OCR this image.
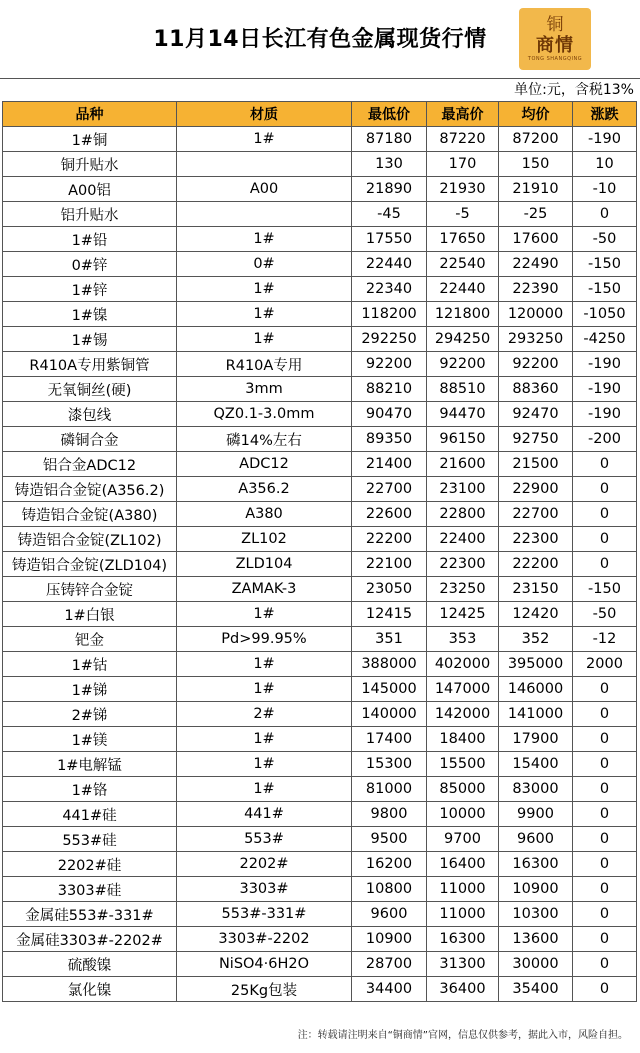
11月14日长江有色金属现货行情
铜
商情
TONG SHANGQING
单位:元，含税13%
品种	材质	最低价	最高价	均价	涨跌
1#铜	1#	87180	87220	87200	-190
铜升贴水		130	170	150	10
A00铝	A00	21890	21930	21910	-10
铝升贴水		-45	-5	-25	0
1#铅	1#	17550	17650	17600	-50
0#锌	0#	22440	22540	22490	-150
1#锌	1#	22340	22440	22390	-150
1#镍	1#	118200	121800	120000	-1050
1#锡	1#	292250	294250	293250	-4250
R410A专用紫铜管	R410A专用	92200	92200	92200	-190
无氧铜丝(硬)	3mm	88210	88510	88360	-190
漆包线	QZ0.1-3.0mm	90470	94470	92470	-190
磷铜合金	磷14%左右	89350	96150	92750	-200
铝合金ADC12	ADC12	21400	21600	21500	0
铸造铝合金锭(A356.2)	A356.2	22700	23100	22900	0
铸造铝合金锭(A380)	A380	22600	22800	22700	0
铸造铝合金锭(ZL102)	ZL102	22200	22400	22300	0
铸造铝合金锭(ZLD104)	ZLD104	22100	22300	22200	0
压铸锌合金锭	ZAMAK-3	23050	23250	23150	-150
1#白银	1#	12415	12425	12420	-50
钯金	Pd>99.95%	351	353	352	-12
1#钴	1#	388000	402000	395000	2000
1#锑	1#	145000	147000	146000	0
2#锑	2#	140000	142000	141000	0
1#镁	1#	17400	18400	17900	0
1#电解锰	1#	15300	15500	15400	0
1#铬	1#	81000	85000	83000	0
441#硅	441#	9800	10000	9900	0
553#硅	553#	9500	9700	9600	0
2202#硅	2202#	16200	16400	16300	0
3303#硅	3303#	10800	11000	10900	0
金属硅553#-331#	553#-331#	9600	11000	10300	0
金属硅3303#-2202#	3303#-2202	10900	16300	13600	0
硫酸镍	NiSO4·6H2O	28700	31300	30000	0
氯化镍	25Kg包装	34400	36400	35400	0
注：转载请注明来自“铜商情”官网，信息仅供参考，据此入市，风险自担。
